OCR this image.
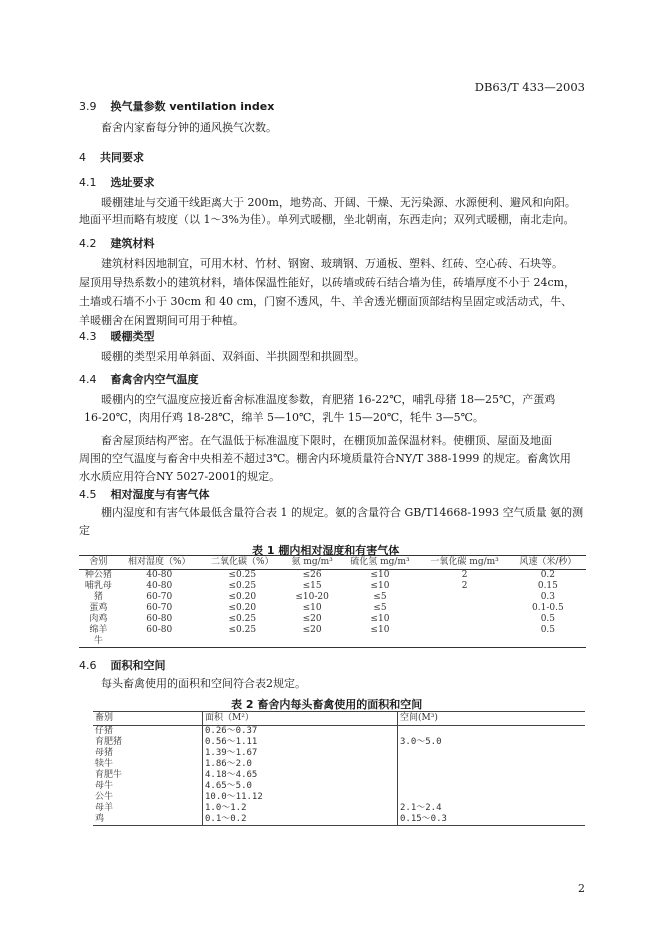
DB63/T 433—2003
3.9 换气量参数 ventilation index
畜舍内家畜每分钟的通风换气次数。
4 共同要求
4.1 选址要求
暖棚建址与交通干线距离大于 200m，地势高、开阔、干燥、无污染源、水源便利、避风和向阳。
地面平坦而略有坡度（以 1～3%为佳）。单列式暖棚，坐北朝南，东西走向；双列式暖棚，南北走向。
4.2 建筑材料
建筑材料因地制宜，可用木材、竹材、钢窗、玻璃钢、万通板、塑料、红砖、空心砖、石块等。
屋顶用导热系数小的建筑材料，墙体保温性能好，以砖墙或砖石结合墙为佳，砖墙厚度不小于 24cm，
土墙或石墙不小于 30cm 和 40 cm，门窗不透风，牛、羊舍透光棚面顶部结构呈固定或活动式，牛、
羊暖棚舍在闲置期间可用于种植。
4.3 暖棚类型
暖棚的类型采用单斜面、双斜面、半拱圆型和拱圆型。
4.4 畜禽舍内空气温度
暖棚内的空气温度应接近畜舍标准温度参数，育肥猪 16-22℃，哺乳母猪 18—25℃，产蛋鸡
16-20℃，肉用仔鸡 18-28℃，绵羊 5—10℃，乳牛 15—20℃，牦牛 3—5℃。
畜舍屋顶结构严密。在气温低于标准温度下限时，在棚顶加盖保温材料。使棚顶、屋面及地面
周围的空气温度与畜舍中央相差不超过3℃。棚舍内环境质量符合NY/T 388-1999 的规定。畜禽饮用
水水质应用符合NY 5027-2001的规定。
4.5 相对湿度与有害气体
棚内湿度和有害气体最低含量符合表 1 的规定。氨的含量符合 GB/T14668-1993 空气质量 氨的测
定
表 1 棚内相对湿度和有害气体
舍别	相对湿度（%）	二氧化碳（%）	氨 mg/m³	硫化氢 mg/m³	一氧化碳 mg/m³	风速（米/秒）
种公猪	40-80	≤0.25	≤26	≤10	2	0.2
哺乳母	40-80	≤0.25	≤15	≤10	2	0.15
猪	60-70	≤0.20	≤10-20	≤5		0.3
蛋鸡	60-70	≤0.20	≤10	≤5		0.1-0.5
肉鸡	60-80	≤0.25	≤20	≤10		0.5
绵羊	60-80	≤0.25	≤20	≤10		0.5
牛						
4.6 面积和空间
每头畜禽使用的面积和空间符合表2规定。
表 2 畜舍内每头畜禽使用的面积和空间
畜别	面积（M²）	空间(M³)
仔猪	0.26～0.37	
育肥猪	0.56～1.11	3.0～5.0
母猪	1.39～1.67	
犊牛	1.86～2.0	
育肥牛	4.18～4.65	
母牛	4.65～5.0	
公牛	10.0～11.12	
母羊	1.0～1.2	2.1～2.4
鸡	0.1～0.2	0.15～0.3
2
